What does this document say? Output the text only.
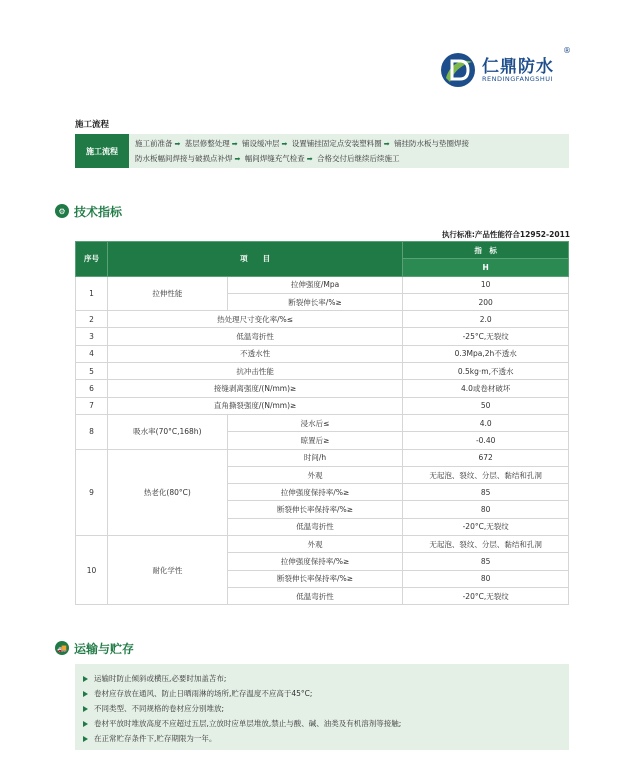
仁鼎防水
®
RENDINGFANGSHUI
施工流程
施工流程
施工前准备 ➡ 基层修整处理 ➡ 铺设缓冲层 ➡ 设置铺挂固定点安装塑料圈 ➡ 铺挂防水板与垫圈焊接
防水板幅间焊接与破损点补焊 ➡ 幅间焊缝充气检查 ➡ 合格交付后继续后续施工
⚙ 技术指标
执行标准:产品性能符合12952-2011
序号	项　　目		指　标
			H
1	拉伸性能	拉伸强度/Mpa	10
		断裂伸长率/%≥	200
2	热处理尺寸变化率/%≤		2.0
3	低温弯折性		-25°C,无裂纹
4	不透水性		0.3Mpa,2h不透水
5	抗冲击性能		0.5kg·m,不透水
6	接缝剥离强度/(N/mm)≥		4.0或卷材破坏
7	直角撕裂强度/(N/mm)≥		50
8	吸水率(70°C,168h)	浸水后≤	4.0
		晾置后≥	-0.40
9	热老化(80°C)	时间/h	672
		外观	无起泡、裂纹、分层、黏结和孔洞
		拉伸强度保持率/%≥	85
		断裂伸长率保持率/%≥	80
		低温弯折性	-20°C,无裂纹
10	耐化学性	外观	无起泡、裂纹、分层、黏结和孔洞
		拉伸强度保持率/%≥	85
		断裂伸长率保持率/%≥	80
		低温弯折性	-20°C,无裂纹
🚚 运输与贮存
运输时防止倾斜或横压,必要时加盖苫布;
卷材应存放在通风、防止日晒雨淋的场所,贮存温度不应高于45°C;
不同类型、不同规格的卷材应分别堆放;
卷材平放时堆放高度不应超过五层,立放时应单层堆放,禁止与酸、碱、油类及有机溶剂等接触;
在正常贮存条件下,贮存期限为一年。
